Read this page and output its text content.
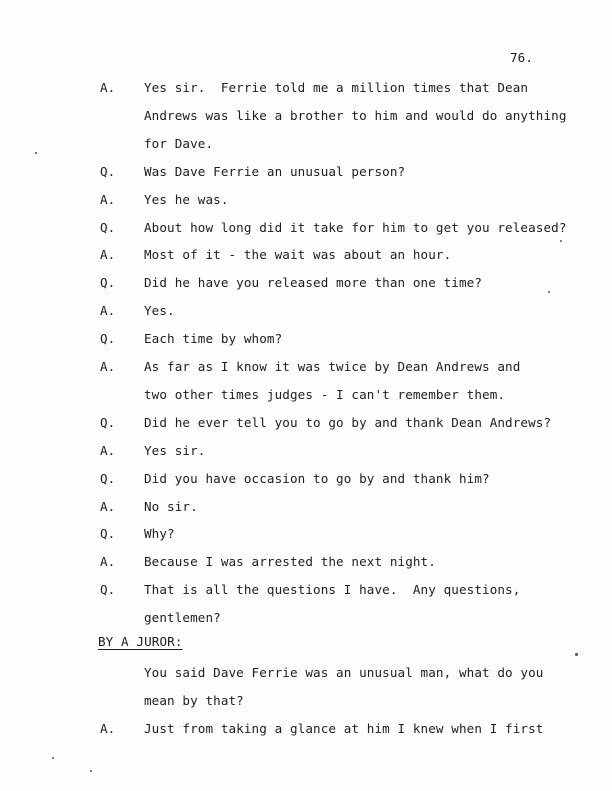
76.
A.	Yes sir.  Ferrie told me a million times that Dean
Andrews was like a brother to him and would do anything
for Dave.
Q.	Was Dave Ferrie an unusual person?
A.	Yes he was.
Q.	About how long did it take for him to get you released?
A.	Most of it - the wait was about an hour.
Q.	Did he have you released more than one time?
A.	Yes.
Q.	Each time by whom?
A.	As far as I know it was twice by Dean Andrews and
two other times judges - I can't remember them.
Q.	Did he ever tell you to go by and thank Dean Andrews?
A.	Yes sir.
Q.	Did you have occasion to go by and thank him?
A.	No sir.
Q.	Why?
A.	Because I was arrested the next night.
Q.	That is all the questions I have.  Any questions,
gentlemen?
BY A JUROR:
You said Dave Ferrie was an unusual man, what do you
mean by that?
A.	Just from taking a glance at him I knew when I first
